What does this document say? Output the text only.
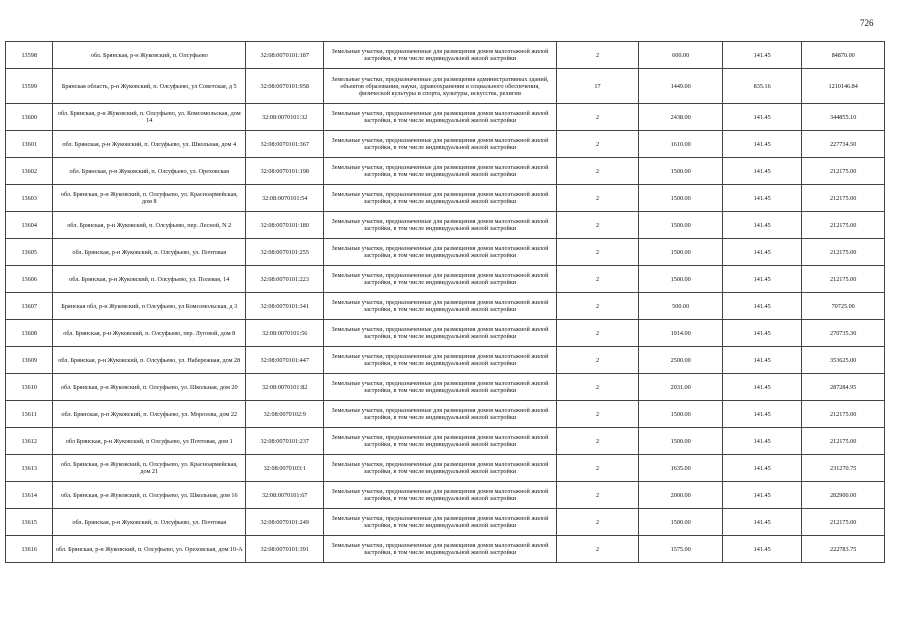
726
13598	обл. Брянская, р-н Жуковский, п. Олсуфьево	32:08:0070101:187	Земельные участки, предназначенные для размещения домов малоэтажной жилой застройки, в том числе индивидуальной жилой застройки	2	600.00	141.45	84870.00
13599	Брянская область, р-н Жуковский, п. Олсуфьево, ул Советская, д 5	32:08:0070101:958	Земельные участки, предназначенные для размещения административных зданий, объектов образования, науки, здравоохранения и социального обеспечения, физической культуры и спорта, культуры, искусства, религии	17	1449.00	835.16	1210146.84
13600	обл. Брянская, р-н Жуковский, п. Олсуфьево, ул. Комсомольская, дом 14	32:08:0070101:32	Земельные участки, предназначенные для размещения домов малоэтажной жилой застройки, в том числе индивидуальной жилой застройки	2	2438.00	141.45	344855.10
13601	обл. Брянская, р-н Жуковский, п. Олсуфьево, ул. Школьная, дом 4	32:08:0070101:367	Земельные участки, предназначенные для размещения домов малоэтажной жилой застройки, в том числе индивидуальной жилой застройки	2	1610.00	141.45	227734.50
13602	обл. Брянская, р-н Жуковский, п. Олсуфьево, ул. Ореховская	32:08:0070101:198	Земельные участки, предназначенные для размещения домов малоэтажной жилой застройки, в том числе индивидуальной жилой застройки	2	1500.00	141.45	212175.00
13603	обл. Брянская, р-н Жуковский, п. Олсуфьево, ул. Красноармейская, дом 8	32:08:0070101:54	Земельные участки, предназначенные для размещения домов малоэтажной жилой застройки, в том числе индивидуальной жилой застройки	2	1500.00	141.45	212175.00
13604	обл. Брянская, р-н Жуковский, п. Олсуфьево, пер. Лесной, N 2	32:08:0070101:180	Земельные участки, предназначенные для размещения домов малоэтажной жилой застройки, в том числе индивидуальной жилой застройки	2	1500.00	141.45	212175.00
13605	обл. Брянская, р-н Жуковский, п. Олсуфьево, ул. Почтовая	32:08:0070101:255	Земельные участки, предназначенные для размещения домов малоэтажной жилой застройки, в том числе индивидуальной жилой застройки	2	1500.00	141.45	212175.00
13606	обл. Брянская, р-н Жуковский, п. Олсуфьево, ул. Полевая, 14	32:08:0070101:223	Земельные участки, предназначенные для размещения домов малоэтажной жилой застройки, в том числе индивидуальной жилой застройки	2	1500.00	141.45	212175.00
13607	Брянская обл, р-н Жуковский, п Олсуфьево, ул Комсомольская, д 3	32:08:0070101:341	Земельные участки, предназначенные для размещения домов малоэтажной жилой застройки, в том числе индивидуальной жилой застройки	2	500.00	141.45	70725.00
13608	обл. Брянская, р-н Жуковский, п. Олсуфьево, пер. Луговой, дом 8	32:08:0070101:56	Земельные участки, предназначенные для размещения домов малоэтажной жилой застройки, в том числе индивидуальной жилой застройки	2	1914.00	141.45	270735.30
13609	обл. Брянская, р-н Жуковский, п. Олсуфьево, ул. Набережная, дом 28	32:08:0070101:447	Земельные участки, предназначенные для размещения домов малоэтажной жилой застройки, в том числе индивидуальной жилой застройки	2	2500.00	141.45	353625.00
13610	обл. Брянская, р-н Жуковский, п. Олсуфьево, ул. Школьная, дом 20	32:08:0070101:82	Земельные участки, предназначенные для размещения домов малоэтажной жилой застройки, в том числе индивидуальной жилой застройки	2	2031.00	141.45	287284.95
13611	обл. Брянская, р-н Жуковский, п. Олсуфьево, ул. Морозова, дом 22	32:08:0070102:9	Земельные участки, предназначенные для размещения домов малоэтажной жилой застройки, в том числе индивидуальной жилой застройки	2	1500.00	141.45	212175.00
13612	обл Брянская, р-н Жуковский, п Олсуфьево, ул Почтовая, дом 1	32:08:0070101:237	Земельные участки, предназначенные для размещения домов малоэтажной жилой застройки, в том числе индивидуальной жилой застройки	2	1500.00	141.45	212175.00
13613	обл. Брянская, р-н Жуковский, п. Олсуфьево, ул. Красноармейская, дом 21	32:08:0070103:1	Земельные участки, предназначенные для размещения домов малоэтажной жилой застройки, в том числе индивидуальной жилой застройки	2	1635.00	141.45	231270.75
13614	обл. Брянская, р-н Жуковский, п. Олсуфьево, ул. Школьная, дом 16	32:08:0070101:67	Земельные участки, предназначенные для размещения домов малоэтажной жилой застройки, в том числе индивидуальной жилой застройки	2	2000.00	141.45	282900.00
13615	обл. Брянская, р-н Жуковский, п. Олсуфьево, ул. Почтовая	32:08:0070101:249	Земельные участки, предназначенные для размещения домов малоэтажной жилой застройки, в том числе индивидуальной жилой застройки	2	1500.00	141.45	212175.00
13616	обл. Брянская, р-н Жуковский, п. Олсуфьево, ул. Ореховская, дом 10-А	32:08:0070101:391	Земельные участки, предназначенные для размещения домов малоэтажной жилой застройки, в том числе индивидуальной жилой застройки	2	1575.00	141.45	222783.75
